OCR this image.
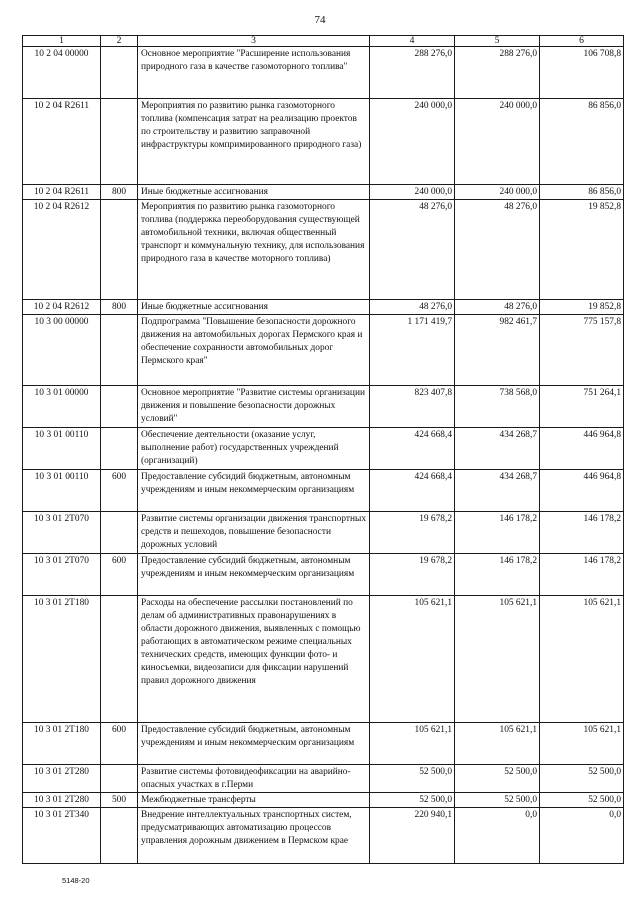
74
1	2	3	4	5	6
10 2 04 00000		Основное мероприятие "Расширение использования природного газа в качестве газомоторного топлива"	288 276,0	288 276,0	106 708,8
10 2 04 R2611		Мероприятия по развитию рынка газомоторного топлива (компенсация затрат на реализацию проектов по строительству и развитию заправочной инфраструктуры компримированного природного газа)	240 000,0	240 000,0	86 856,0
10 2 04 R2611	800	Иные бюджетные ассигнования	240 000,0	240 000,0	86 856,0
10 2 04 R2612		Мероприятия по развитию рынка газомоторного топлива (поддержка переоборудования существующей автомобильной техники, включая общественный транспорт и коммунальную технику, для использования природного газа в качестве моторного топлива)	48 276,0	48 276,0	19 852,8
10 2 04 R2612	800	Иные бюджетные ассигнования	48 276,0	48 276,0	19 852,8
10 3 00 00000		Подпрограмма "Повышение безопасности дорожного движения на автомобильных дорогах Пермского края и обеспечение сохранности автомобильных дорог Пермского края"	1 171 419,7	982 461,7	775 157,8
10 3 01 00000		Основное мероприятие "Развитие системы организации движения и повышение безопасности дорожных условий"	823 407,8	738 568,0	751 264,1
10 3 01 00110		Обеспечение деятельности (оказание услуг, выполнение работ) государственных учреждений (организаций)	424 668,4	434 268,7	446 964,8
10 3 01 00110	600	Предоставление субсидий бюджетным, автономным учреждениям и иным некоммерческим организациям	424 668,4	434 268,7	446 964,8
10 3 01 2Т070		Развитие системы организации движения транспортных средств и пешеходов, повышение безопасности дорожных условий	19 678,2	146 178,2	146 178,2
10 3 01 2Т070	600	Предоставление субсидий бюджетным, автономным учреждениям и иным некоммерческим организациям	19 678,2	146 178,2	146 178,2
10 3 01 2Т180		Расходы на обеспечение рассылки постановлений по делам об административных правонарушениях в области дорожного движения, выявленных с помощью работающих в автоматическом режиме специальных технических средств, имеющих функции фото- и киносъемки, видеозаписи для фиксации нарушений правил дорожного движения	105 621,1	105 621,1	105 621,1
10 3 01 2Т180	600	Предоставление субсидий бюджетным, автономным учреждениям и иным некоммерческим организациям	105 621,1	105 621,1	105 621,1
10 3 01 2Т280		Развитие системы фотовидеофиксации на аварийно-опасных участках в г.Перми	52 500,0	52 500,0	52 500,0
10 3 01 2Т280	500	Межбюджетные трансферты	52 500,0	52 500,0	52 500,0
10 3 01 2Т340		Внедрение интеллектуальных транспортных систем, предусматривающих автоматизацию процессов управления дорожным движением в Пермском крае	220 940,1	0,0	0,0
5148-20
